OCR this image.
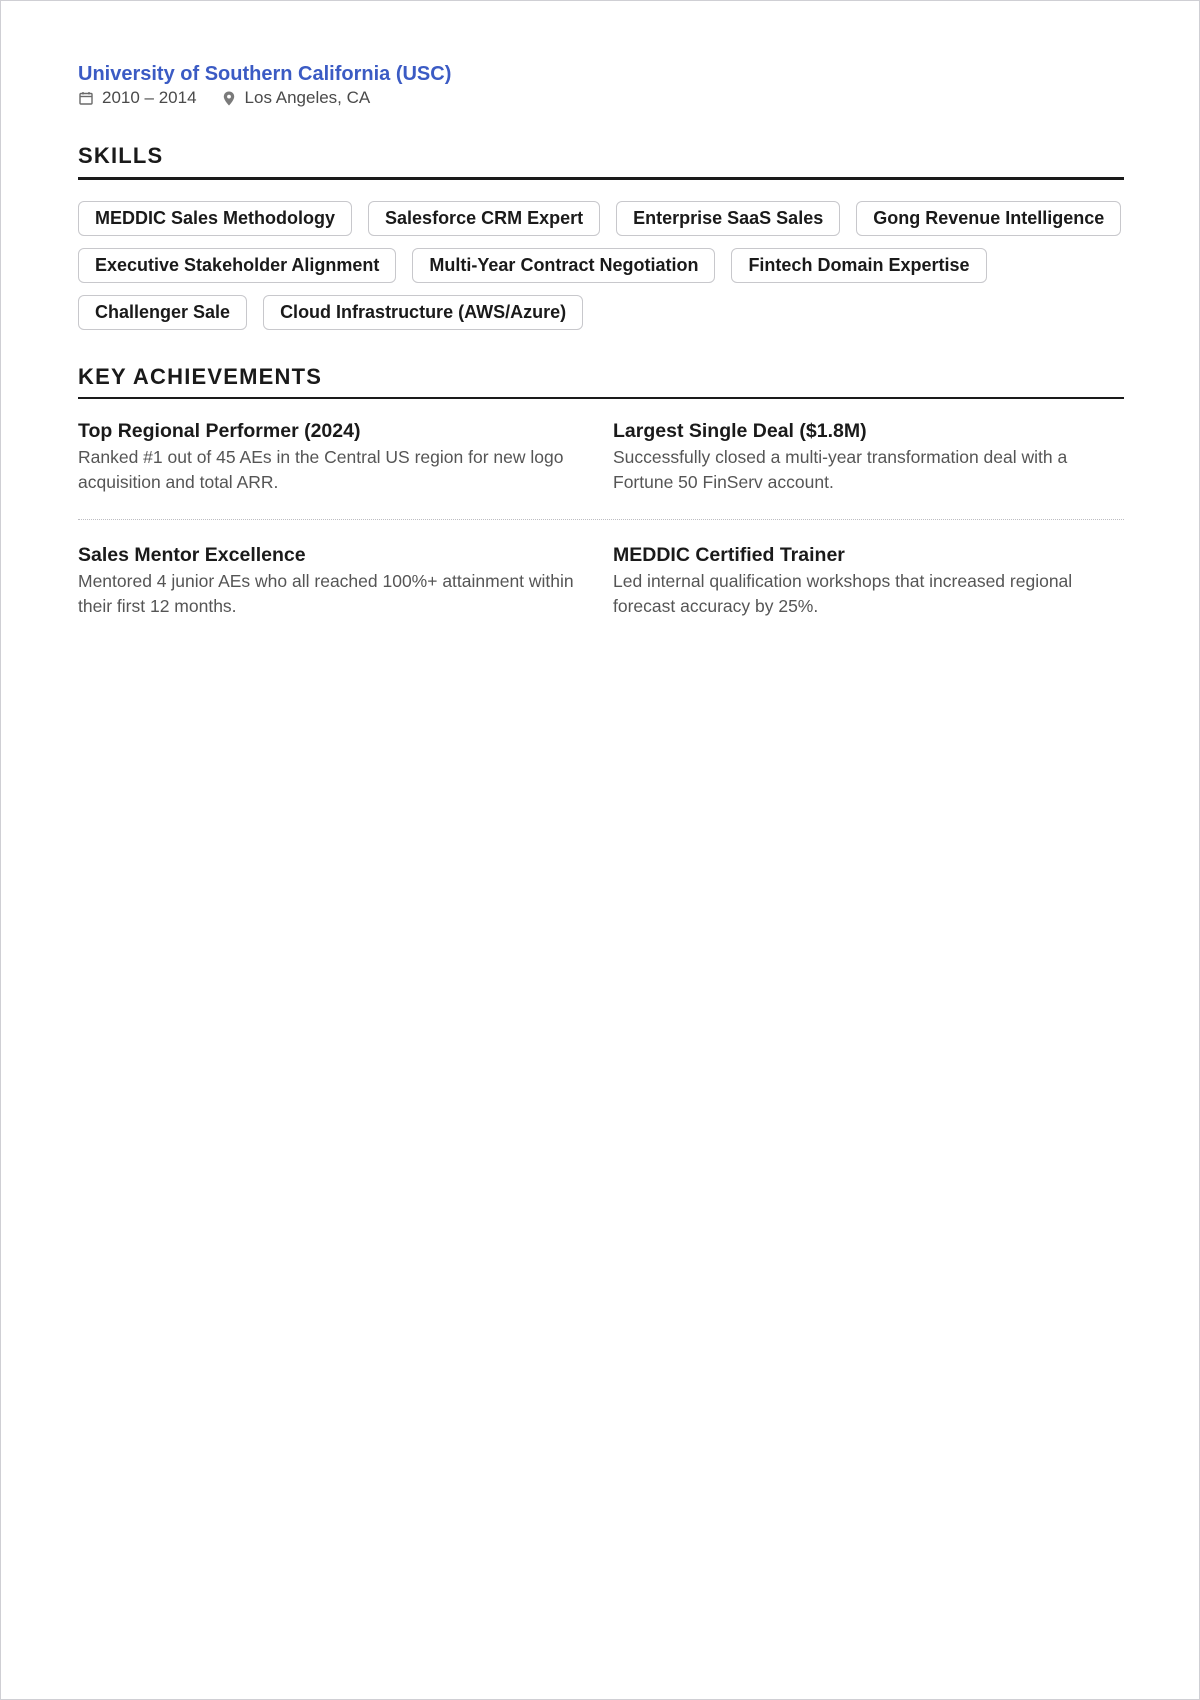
University of Southern California (USC)
2010 – 2014	Los Angeles, CA
SKILLS
MEDDIC Sales Methodology	Salesforce CRM Expert	Enterprise SaaS Sales	Gong Revenue Intelligence
Executive Stakeholder Alignment	Multi-Year Contract Negotiation	Fintech Domain Expertise
Challenger Sale	Cloud Infrastructure (AWS/Azure)
KEY ACHIEVEMENTS
Top Regional Performer (2024)

Ranked #1 out of 45 AEs in the Central US region for new logo acquisition and total ARR.

Largest Single Deal ($1.8M)

Successfully closed a multi-year transformation deal with a Fortune 50 FinServ account.

Sales Mentor Excellence

Mentored 4 junior AEs who all reached 100%+ attainment within their first 12 months.

MEDDIC Certified Trainer

Led internal qualification workshops that increased regional forecast accuracy by 25%.
